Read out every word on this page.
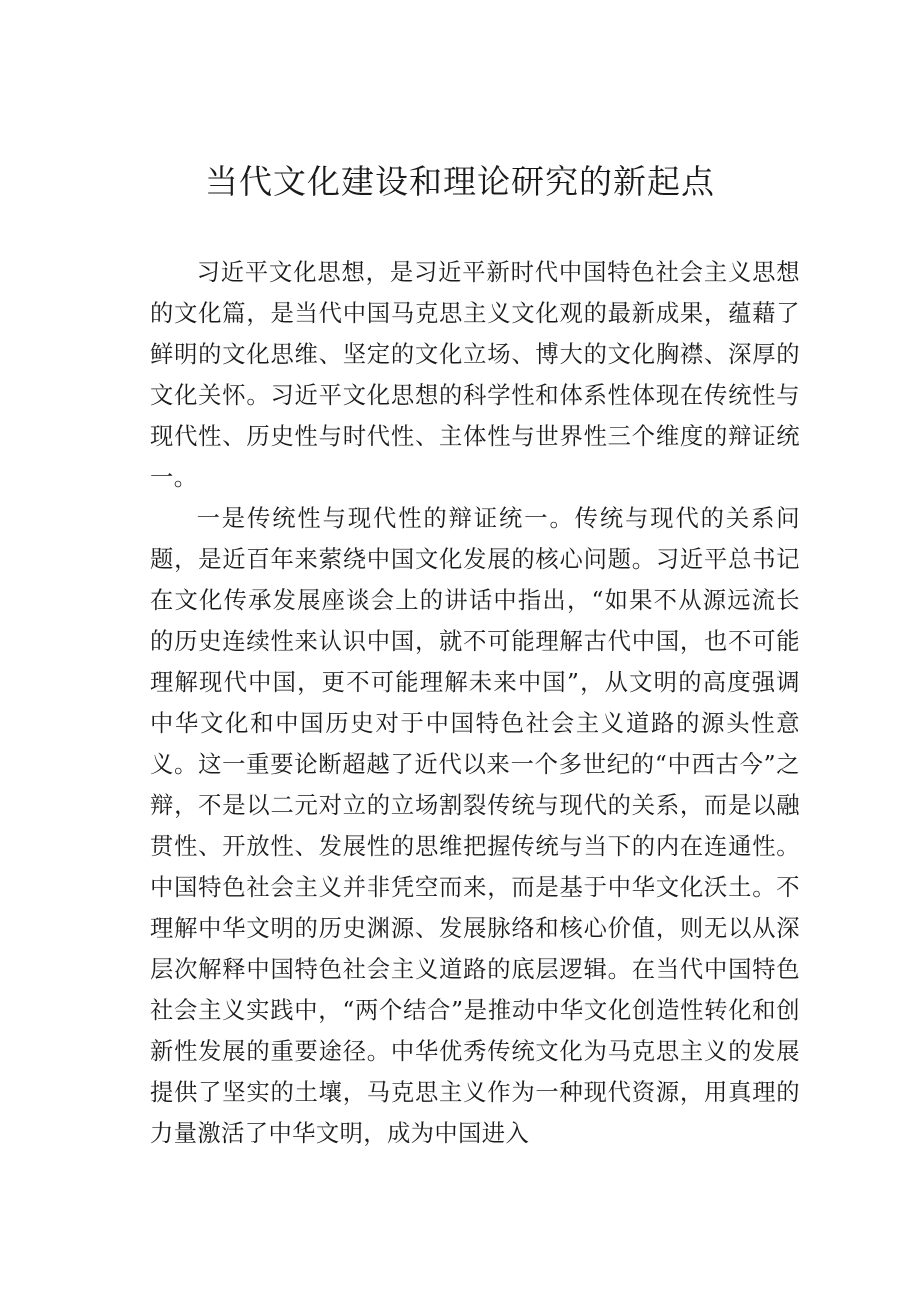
当代文化建设和理论研究的新起点

习近平文化思想，是习近平新时代中国特色社会主义思想的文化篇，是当代中国马克思主义文化观的最新成果，蕴藉了鲜明的文化思维、坚定的文化立场、博大的文化胸襟、深厚的文化关怀。习近平文化思想的科学性和体系性体现在传统性与现代性、历史性与时代性、主体性与世界性三个维度的辩证统一。

一是传统性与现代性的辩证统一。传统与现代的关系问题，是近百年来萦绕中国文化发展的核心问题。习近平总书记在文化传承发展座谈会上的讲话中指出，“如果不从源远流长的历史连续性来认识中国，就不可能理解古代中国，也不可能理解现代中国，更不可能理解未来中国”，从文明的高度强调中华文化和中国历史对于中国特色社会主义道路的源头性意义。这一重要论断超越了近代以来一个多世纪的“中西古今”之辩，不是以二元对立的立场割裂传统与现代的关系，而是以融贯性、开放性、发展性的思维把握传统与当下的内在连通性。中国特色社会主义并非凭空而来，而是基于中华文化沃土。不理解中华文明的历史渊源、发展脉络和核心价值，则无以从深层次解释中国特色社会主义道路的底层逻辑。在当代中国特色社会主义实践中，“两个结合”是推动中华文化创造性转化和创新性发展的重要途径。中华优秀传统文化为马克思主义的发展提供了坚实的土壤，马克思主义作为一种现代资源，用真理的力量激活了中华文明，成为中国进入
